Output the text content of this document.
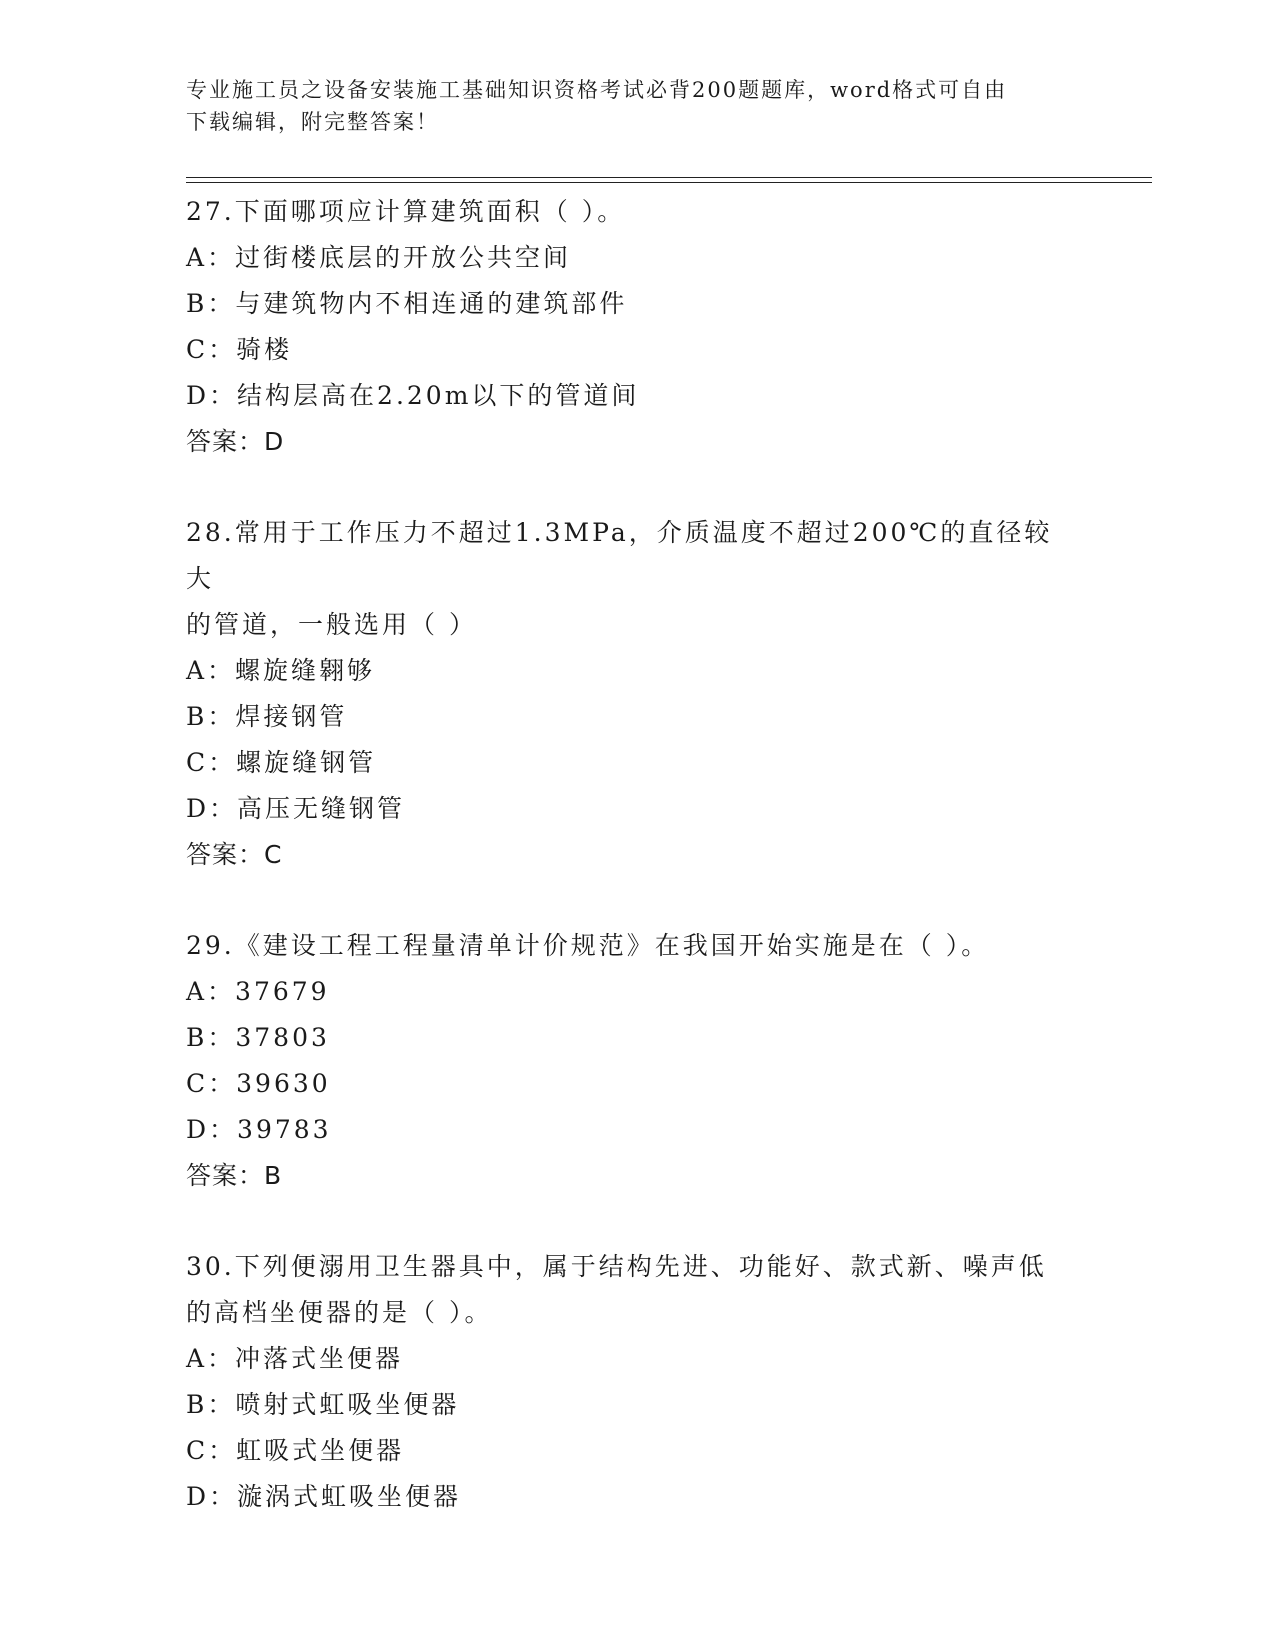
专业施工员之设备安装施工基础知识资格考试必背200题题库，word格式可自由
下载编辑，附完整答案！
27.下面哪项应计算建筑面积（ ）。
A：过街楼底层的开放公共空间
B：与建筑物内不相连通的建筑部件
C：骑楼
D：结构层高在2.20m以下的管道间
答案：D
28.常用于工作压力不超过1.3MPa，介质温度不超过200℃的直径较大
的管道，一般选用（ ）
A：螺旋缝翱够
B：焊接钢管
C：螺旋缝钢管
D：高压无缝钢管
答案：C
29.《建设工程工程量清单计价规范》在我国开始实施是在（ ）。
A：37679
B：37803
C：39630
D：39783
答案：B
30.下列便溺用卫生器具中，属于结构先进、功能好、款式新、噪声低
的高档坐便器的是（ ）。
A：冲落式坐便器
B：喷射式虹吸坐便器
C：虹吸式坐便器
D：漩涡式虹吸坐便器
